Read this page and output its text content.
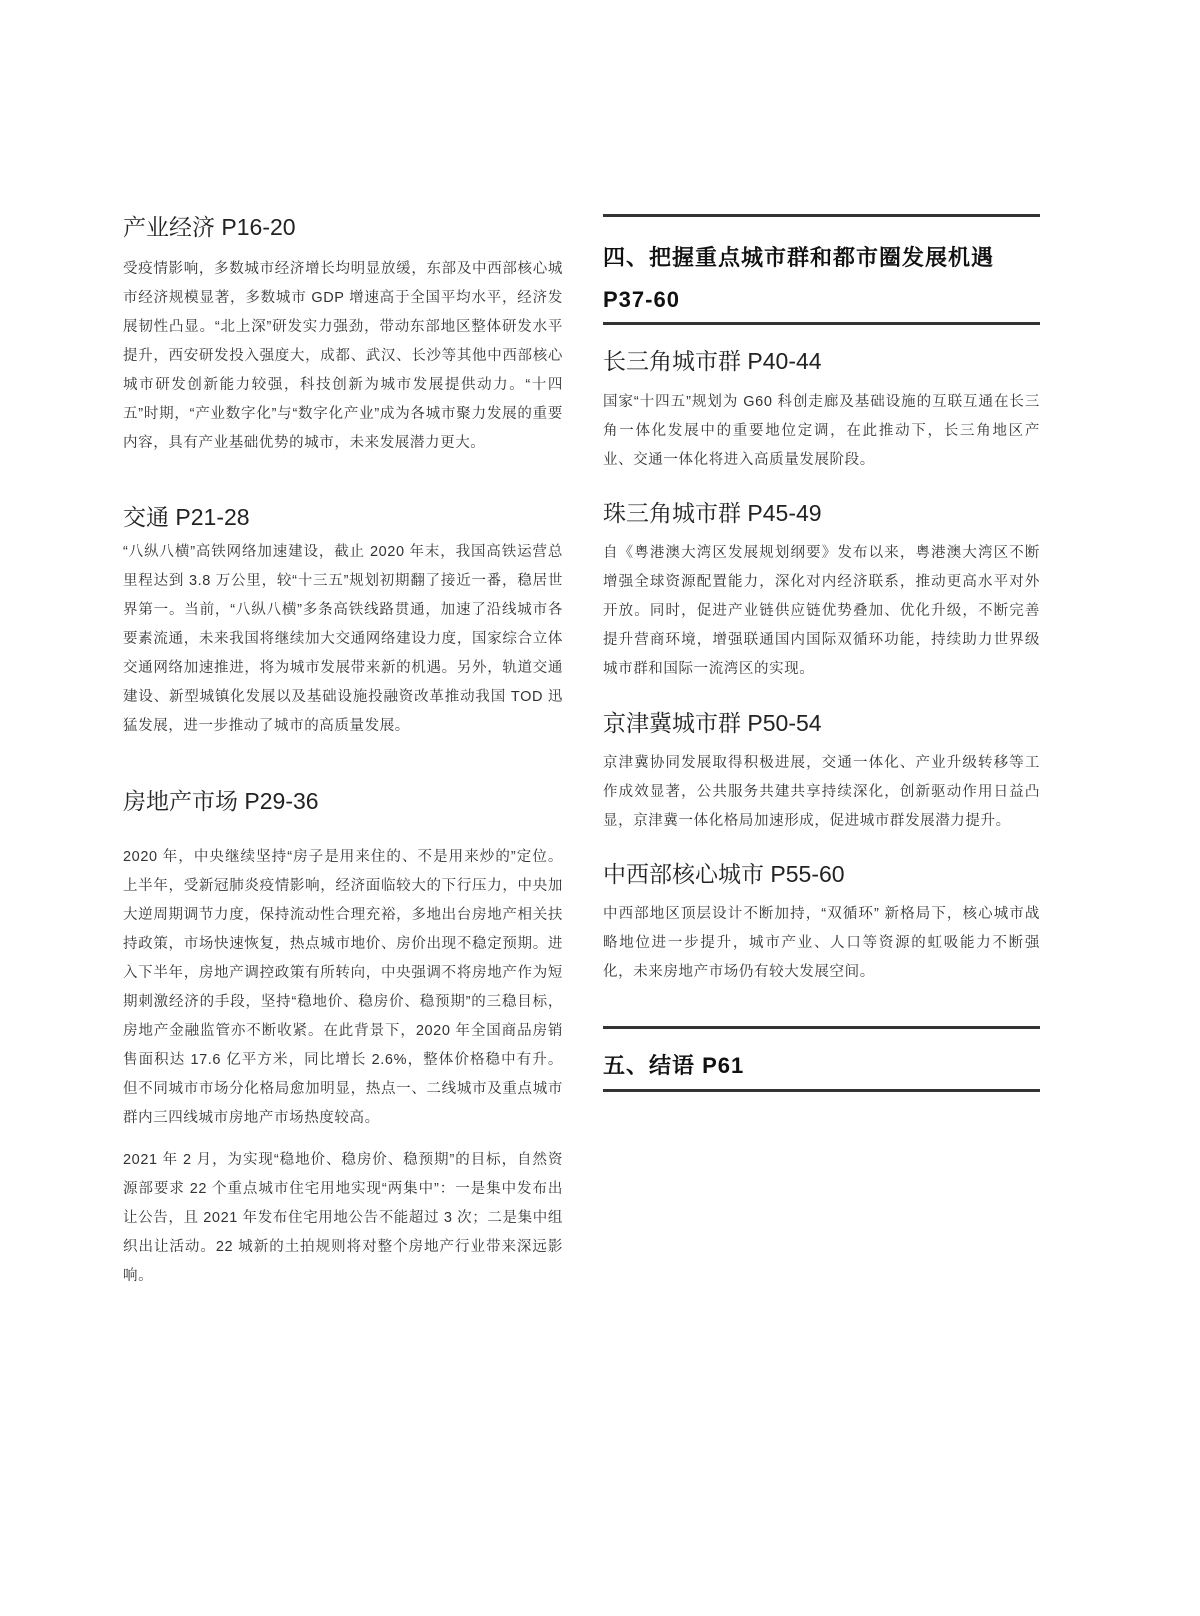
产业经济 P16-20
受疫情影响，多数城市经济增长均明显放缓，东部及中西部核心城市经济规模显著，多数城市 GDP 增速高于全国平均水平，经济发展韧性凸显。“北上深”研发实力强劲，带动东部地区整体研发水平提升，西安研发投入强度大，成都、武汉、长沙等其他中西部核心城市研发创新能力较强，科技创新为城市发展提供动力。“十四五”时期，“产业数字化”与“数字化产业”成为各城市聚力发展的重要内容，具有产业基础优势的城市，未来发展潜力更大。
交通 P21-28
“八纵八横”高铁网络加速建设，截止 2020 年末，我国高铁运营总里程达到 3.8 万公里，较“十三五”规划初期翻了接近一番，稳居世界第一。当前，“八纵八横”多条高铁线路贯通，加速了沿线城市各要素流通，未来我国将继续加大交通网络建设力度，国家综合立体交通网络加速推进，将为城市发展带来新的机遇。另外，轨道交通建设、新型城镇化发展以及基础设施投融资改革推动我国 TOD 迅猛发展，进一步推动了城市的高质量发展。
房地产市场 P29-36
2020 年，中央继续坚持“房子是用来住的、不是用来炒的”定位。上半年，受新冠肺炎疫情影响，经济面临较大的下行压力，中央加大逆周期调节力度，保持流动性合理充裕，多地出台房地产相关扶持政策，市场快速恢复，热点城市地价、房价出现不稳定预期。进入下半年，房地产调控政策有所转向，中央强调不将房地产作为短期刺激经济的手段，坚持“稳地价、稳房价、稳预期”的三稳目标，房地产金融监管亦不断收紧。在此背景下，2020 年全国商品房销售面积达 17.6 亿平方米，同比增长 2.6%，整体价格稳中有升。但不同城市市场分化格局愈加明显，热点一、二线城市及重点城市群内三四线城市房地产市场热度较高。
2021 年 2 月，为实现“稳地价、稳房价、稳预期”的目标，自然资源部要求 22 个重点城市住宅用地实现“两集中”：一是集中发布出让公告，且 2021 年发布住宅用地公告不能超过 3 次；二是集中组织出让活动。22 城新的土拍规则将对整个房地产行业带来深远影响。
四、把握重点城市群和都市圈发展机遇
P37-60
长三角城市群 P40-44
国家“十四五”规划为 G60 科创走廊及基础设施的互联互通在长三角一体化发展中的重要地位定调，在此推动下，长三角地区产业、交通一体化将进入高质量发展阶段。
珠三角城市群 P45-49
自《粤港澳大湾区发展规划纲要》发布以来，粤港澳大湾区不断增强全球资源配置能力，深化对内经济联系，推动更高水平对外开放。同时，促进产业链供应链优势叠加、优化升级，不断完善提升营商环境，增强联通国内国际双循环功能，持续助力世界级城市群和国际一流湾区的实现。
京津冀城市群 P50-54
京津冀协同发展取得积极进展，交通一体化、产业升级转移等工作成效显著，公共服务共建共享持续深化，创新驱动作用日益凸显，京津冀一体化格局加速形成，促进城市群发展潜力提升。
中西部核心城市 P55-60
中西部地区顶层设计不断加持，“双循环” 新格局下，核心城市战略地位进一步提升，城市产业、人口等资源的虹吸能力不断强化，未来房地产市场仍有较大发展空间。
五、结语 P61
